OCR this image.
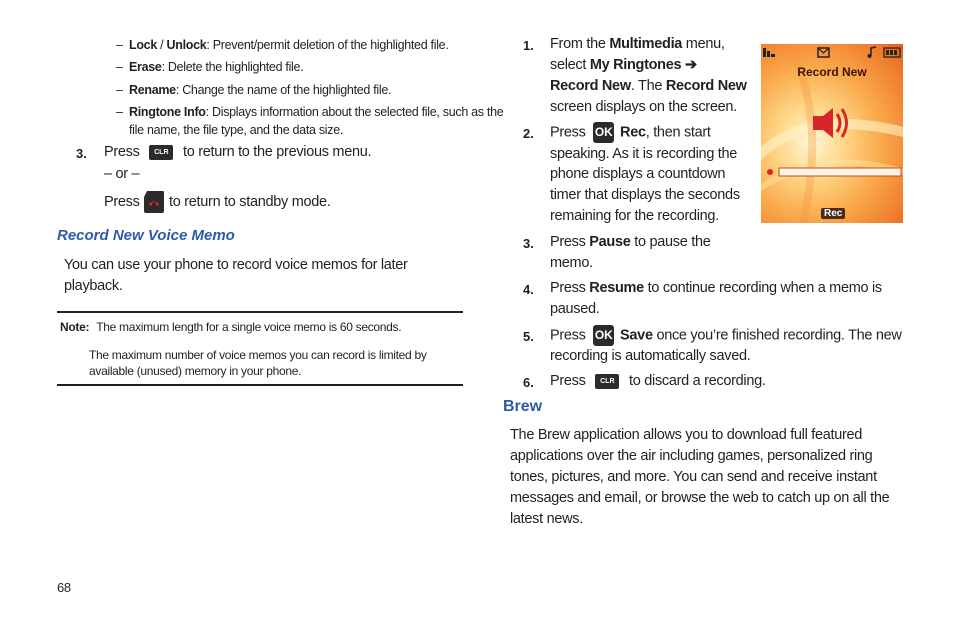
–  Lock / Unlock: Prevent/permit deletion of the highlighted file.
–  Erase: Delete the highlighted file.
–  Rename: Change the name of the highlighted file.
–  Ringtone Info: Displays information about the selected file, such as the
file name, the file type, and the data size.
3. Press CLR to return to the previous menu.
– or –
Press to return to standby mode.
Record New Voice Memo
You can use your phone to record voice memos for later
playback.
Note: The maximum length for a single voice memo is 60 seconds.
The maximum number of voice memos you can record is limited by
available (unused) memory in your phone.
1. From the Multimedia menu,
select My Ringtones ➔
Record New. The Record New
screen displays on the screen.
2. Press OK Rec, then start
speaking. As it is recording the
phone displays a countdown
timer that displays the seconds
remaining for the recording.
3. Press Pause to pause the
memo.
4. Press Resume to continue recording when a memo is
paused.
5. Press OK Save once you’re finished recording. The new
recording is automatically saved.
6. Press CLR to discard a recording.
Brew
The Brew application allows you to download full featured
applications over the air including games, personalized ring
tones, pictures, and more. You can send and receive instant
messages and email, or browse the web to catch up on all the
latest news.
Record New
Rec
68
